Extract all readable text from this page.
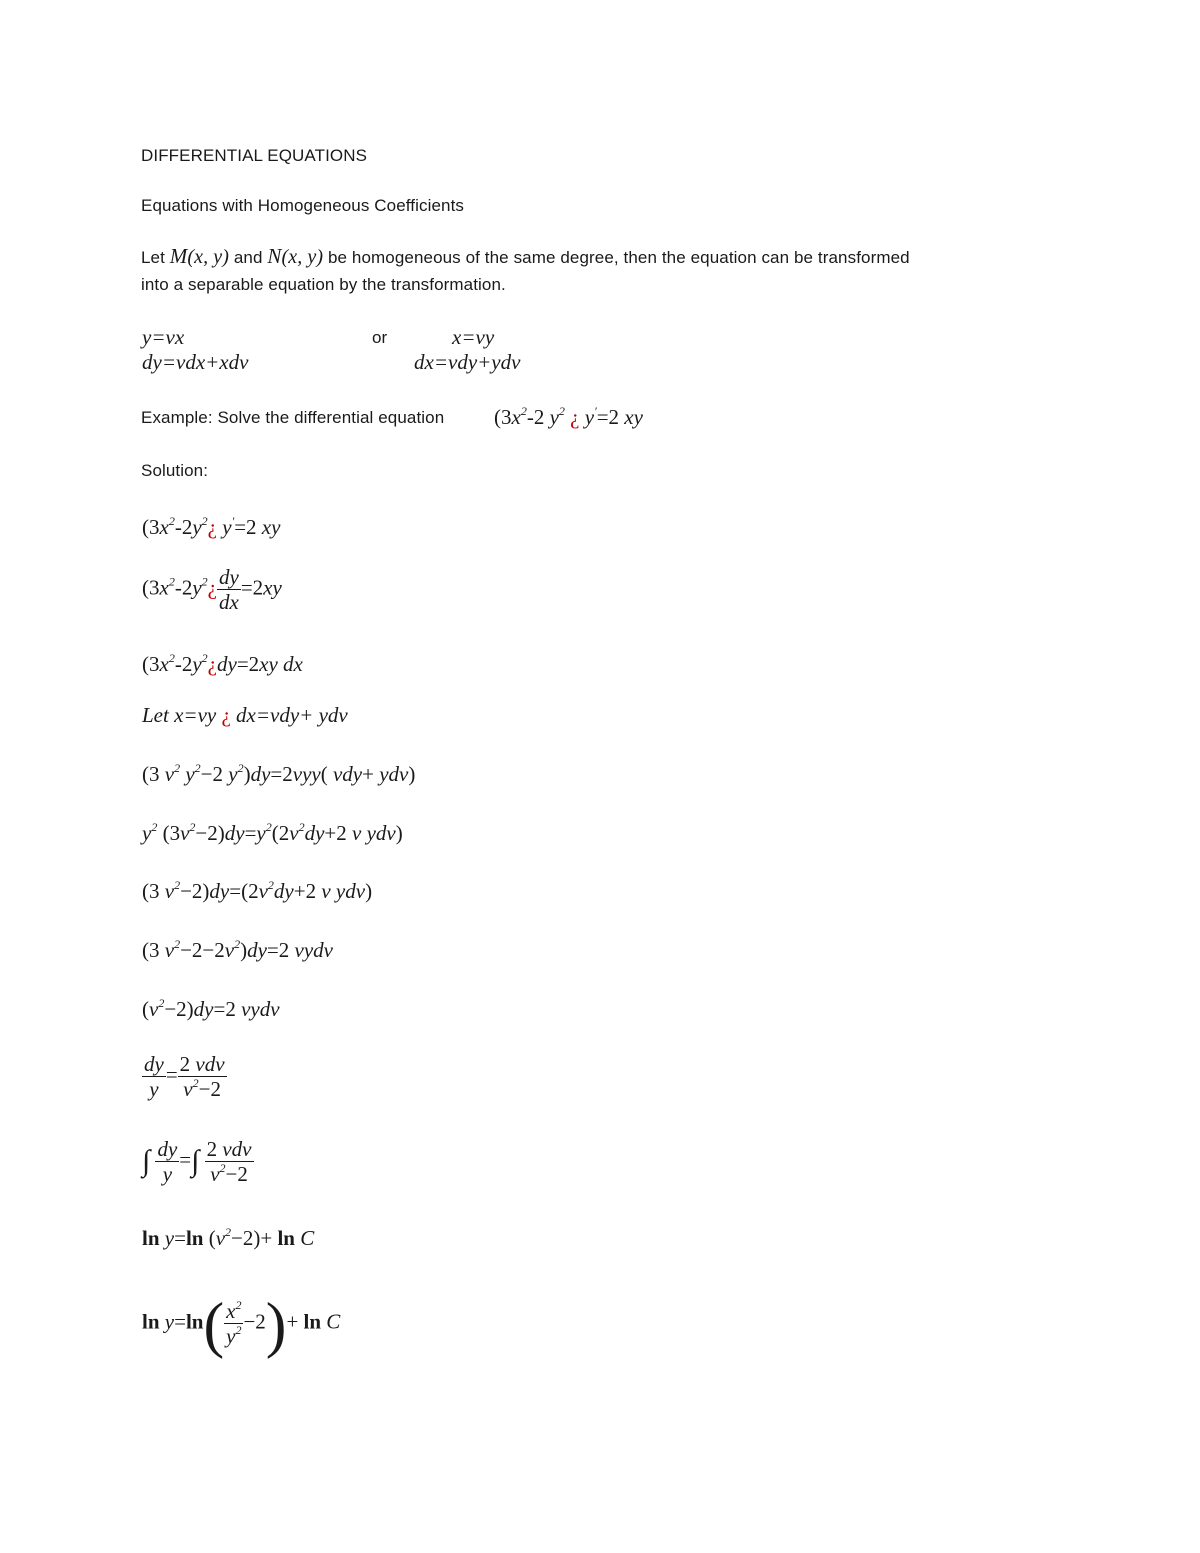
DIFFERENTIAL EQUATIONS
Equations with Homogeneous Coefficients
Let M(x, y) and N(x, y) be homogeneous of the same degree, then the equation can be transformed
into a separable equation by the transformation.
y=vx
dy=vdx+xdv
or	x=vy
dx=vdy+ydv
Example: Solve the differential equation ($3x^2-2$ $y^2$ ¿ y′=2 xy
Solution:
($3x^2-2y^2¿$ y′=2 xy
($3x^2-2y^2¿ \frac{dy}{dx} =2xy$
($3x^2-2y^2¿dy=2xy$ dx
Let x=vy ¿ dx=vdy+ ydv
(3 $v^2$ $y^2-2$ $y^2)dy=2vyy$( vdy+ ydv)
$y^2$ $(3v^2-2)dy=y^2(2v^2dy+2$ v ydv)
(3 $v^2-2)dy=(2v^2dy+2$ v ydv)
(3 $v^2-2-2v^2)dy=2$ vydv
$(v^2-2)dy=2$ vydv
$\frac{dy}{y} = \frac{\text{2 vdv}}{v^2-2}$
∫ $\frac{dy}{y}$ =∫ $\frac{\text{2 vdv}}{v^2-2}$
ln y=ln $(v^2-2)+ \ln C$
$\ln y=\ln( \frac{x^2}{y^2} -2)+ \ln C$
